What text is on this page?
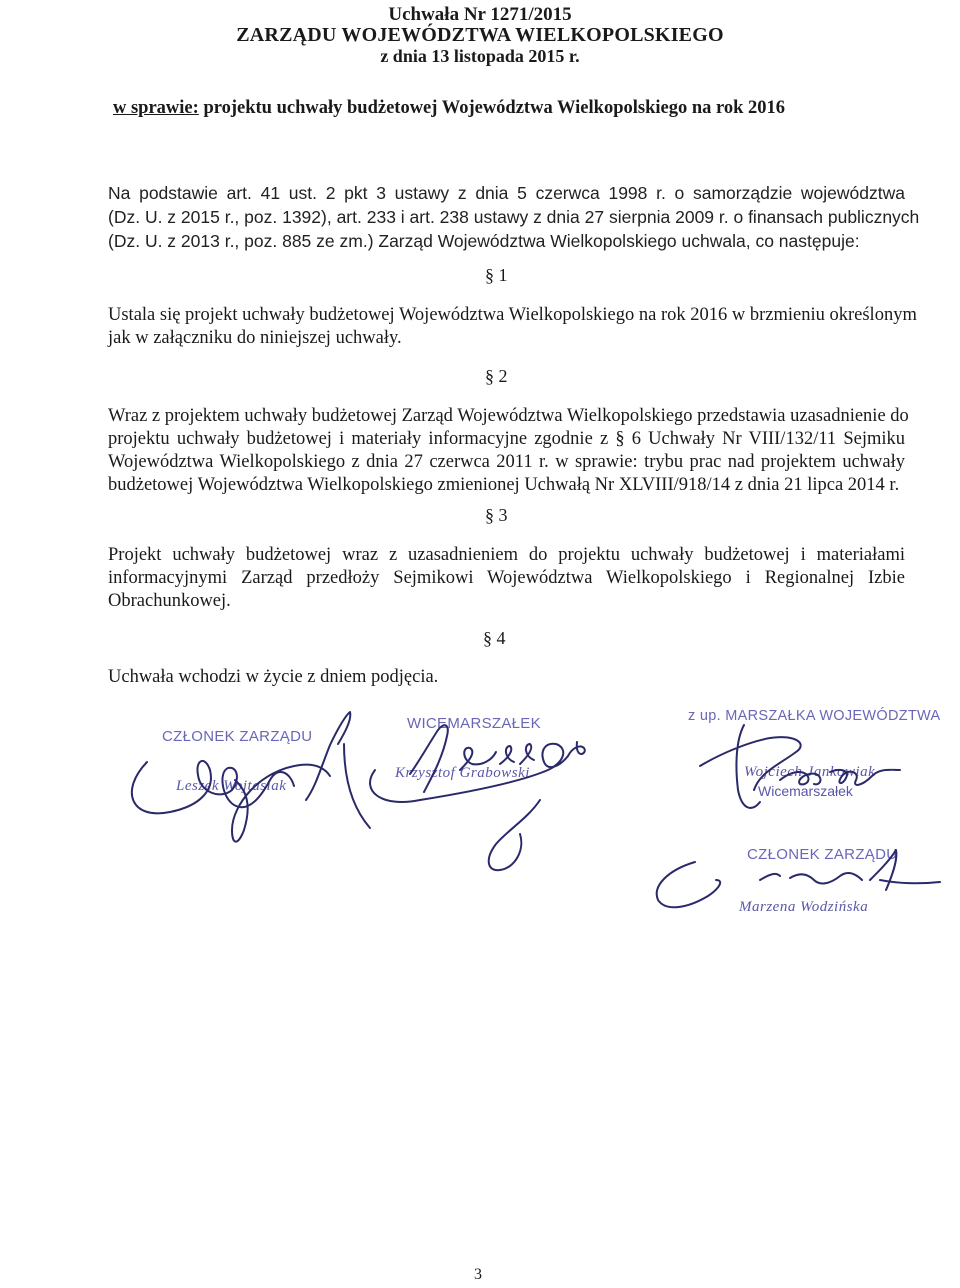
Uchwała Nr 1271/2015
ZARZĄDU WOJEWÓDZTWA WIELKOPOLSKIEGO
z dnia 13 listopada 2015 r.
w sprawie: projektu uchwały budżetowej Województwa Wielkopolskiego na rok 2016
Na podstawie art. 41 ust. 2 pkt 3 ustawy z dnia 5 czerwca 1998 r. o samorządzie województwa
(Dz. U. z 2015 r., poz. 1392), art. 233 i art. 238 ustawy z dnia 27 sierpnia 2009 r. o finansach publicznych
(Dz. U. z 2013 r., poz. 885 ze zm.) Zarząd Województwa Wielkopolskiego uchwala, co następuje:
§ 1
Ustala się projekt uchwały budżetowej Województwa Wielkopolskiego na rok 2016 w brzmieniu określonym
jak w załączniku do niniejszej uchwały.
§ 2
Wraz z projektem uchwały budżetowej Zarząd Województwa Wielkopolskiego przedstawia uzasadnienie do
projektu uchwały budżetowej i materiały informacyjne zgodnie z § 6 Uchwały Nr VIII/132/11 Sejmiku
Województwa Wielkopolskiego z dnia 27 czerwca 2011 r. w sprawie: trybu prac nad projektem uchwały
budżetowej Województwa Wielkopolskiego zmienionej Uchwałą Nr XLVIII/918/14 z dnia 21 lipca 2014 r.
§ 3
Projekt uchwały budżetowej wraz z uzasadnieniem do projektu uchwały budżetowej i materiałami
informacyjnymi Zarząd przedłoży Sejmikowi Województwa Wielkopolskiego i Regionalnej Izbie
Obrachunkowej.
§ 4
Uchwała wchodzi w życie z dniem podjęcia.
CZŁONEK ZARZĄDU
Leszek Wojtasiak
WICEMARSZAŁEK
Krzysztof Grabowski
z up. MARSZAŁKA WOJEWÓDZTWA
Wojciech Jankowiak
Wicemarszałek
CZŁONEK ZARZĄDU
Marzena Wodzińska
3
